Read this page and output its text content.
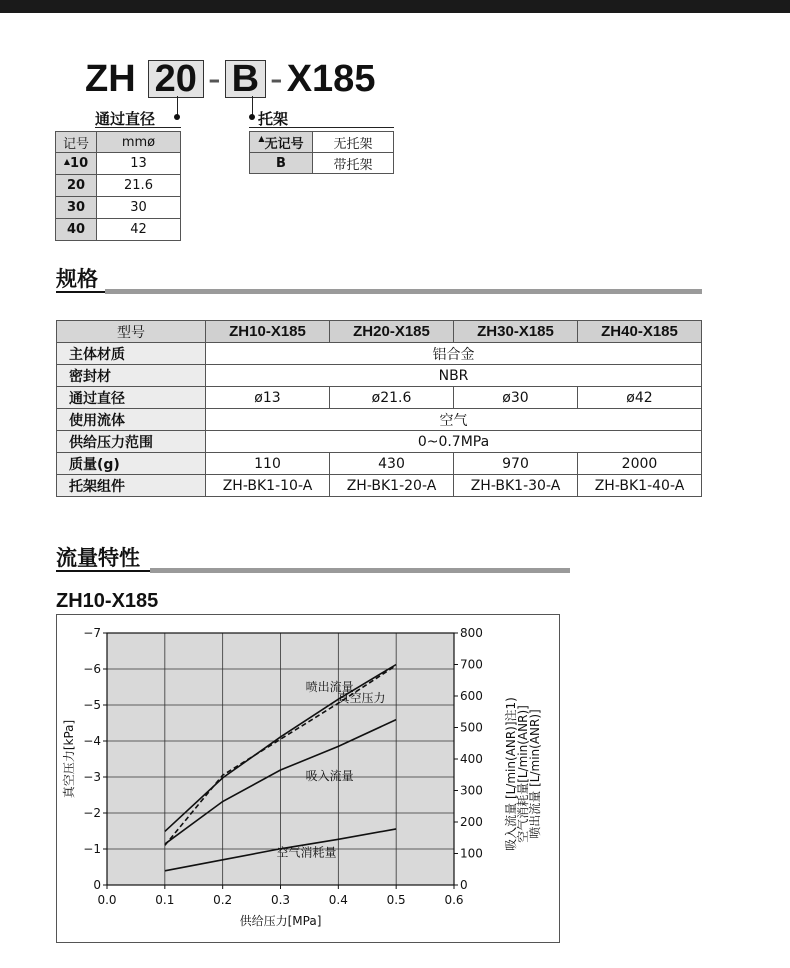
ZH 20 - B - X185
通过直径	托架
记号	mmø
▲10	13
20	21.6
30	30
40	42
▲无记号	无托架
B	带托架
规格
型号	ZH10-X185	ZH20-X185	ZH30-X185	ZH40-X185
主体材质	铝合金			
密封材	NBR			
通过直径	ø13	ø21.6	ø30	ø42
使用流体	空气			
供给压力范围	0~0.7MPa			
质量(g)	110	430	970	2000
托架组件	ZH-BK1-10-A	ZH-BK1-20-A	ZH-BK1-30-A	ZH-BK1-40-A
流量特性
ZH10-X185
0.0	0.1	0.2	0.3	0.4	0.5	0.6
0
−1
−2
−3
−4
−5
−6
−7
0
100
200
300
400
500
600
700
800
供给压力[MPa]
真空压力[kPa]	吸入流量 [L/min(ANR)]注1)
空气消耗量[L/min(ANR)]
喷出流量 [L/min(ANR)]
喷出流量
真空压力
吸入流量
空气消耗量
